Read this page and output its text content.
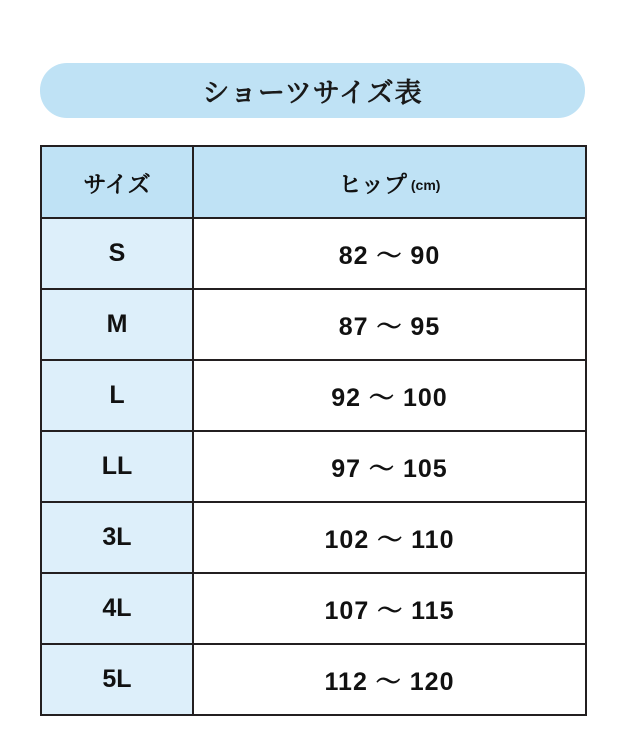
ショーツサイズ表
サイズ	ヒップ (cm)
S	82 〜 90
M	87 〜 95
L	92 〜 100
LL	97 〜 105
3L	102 〜 110
4L	107 〜 115
5L	112 〜 120
